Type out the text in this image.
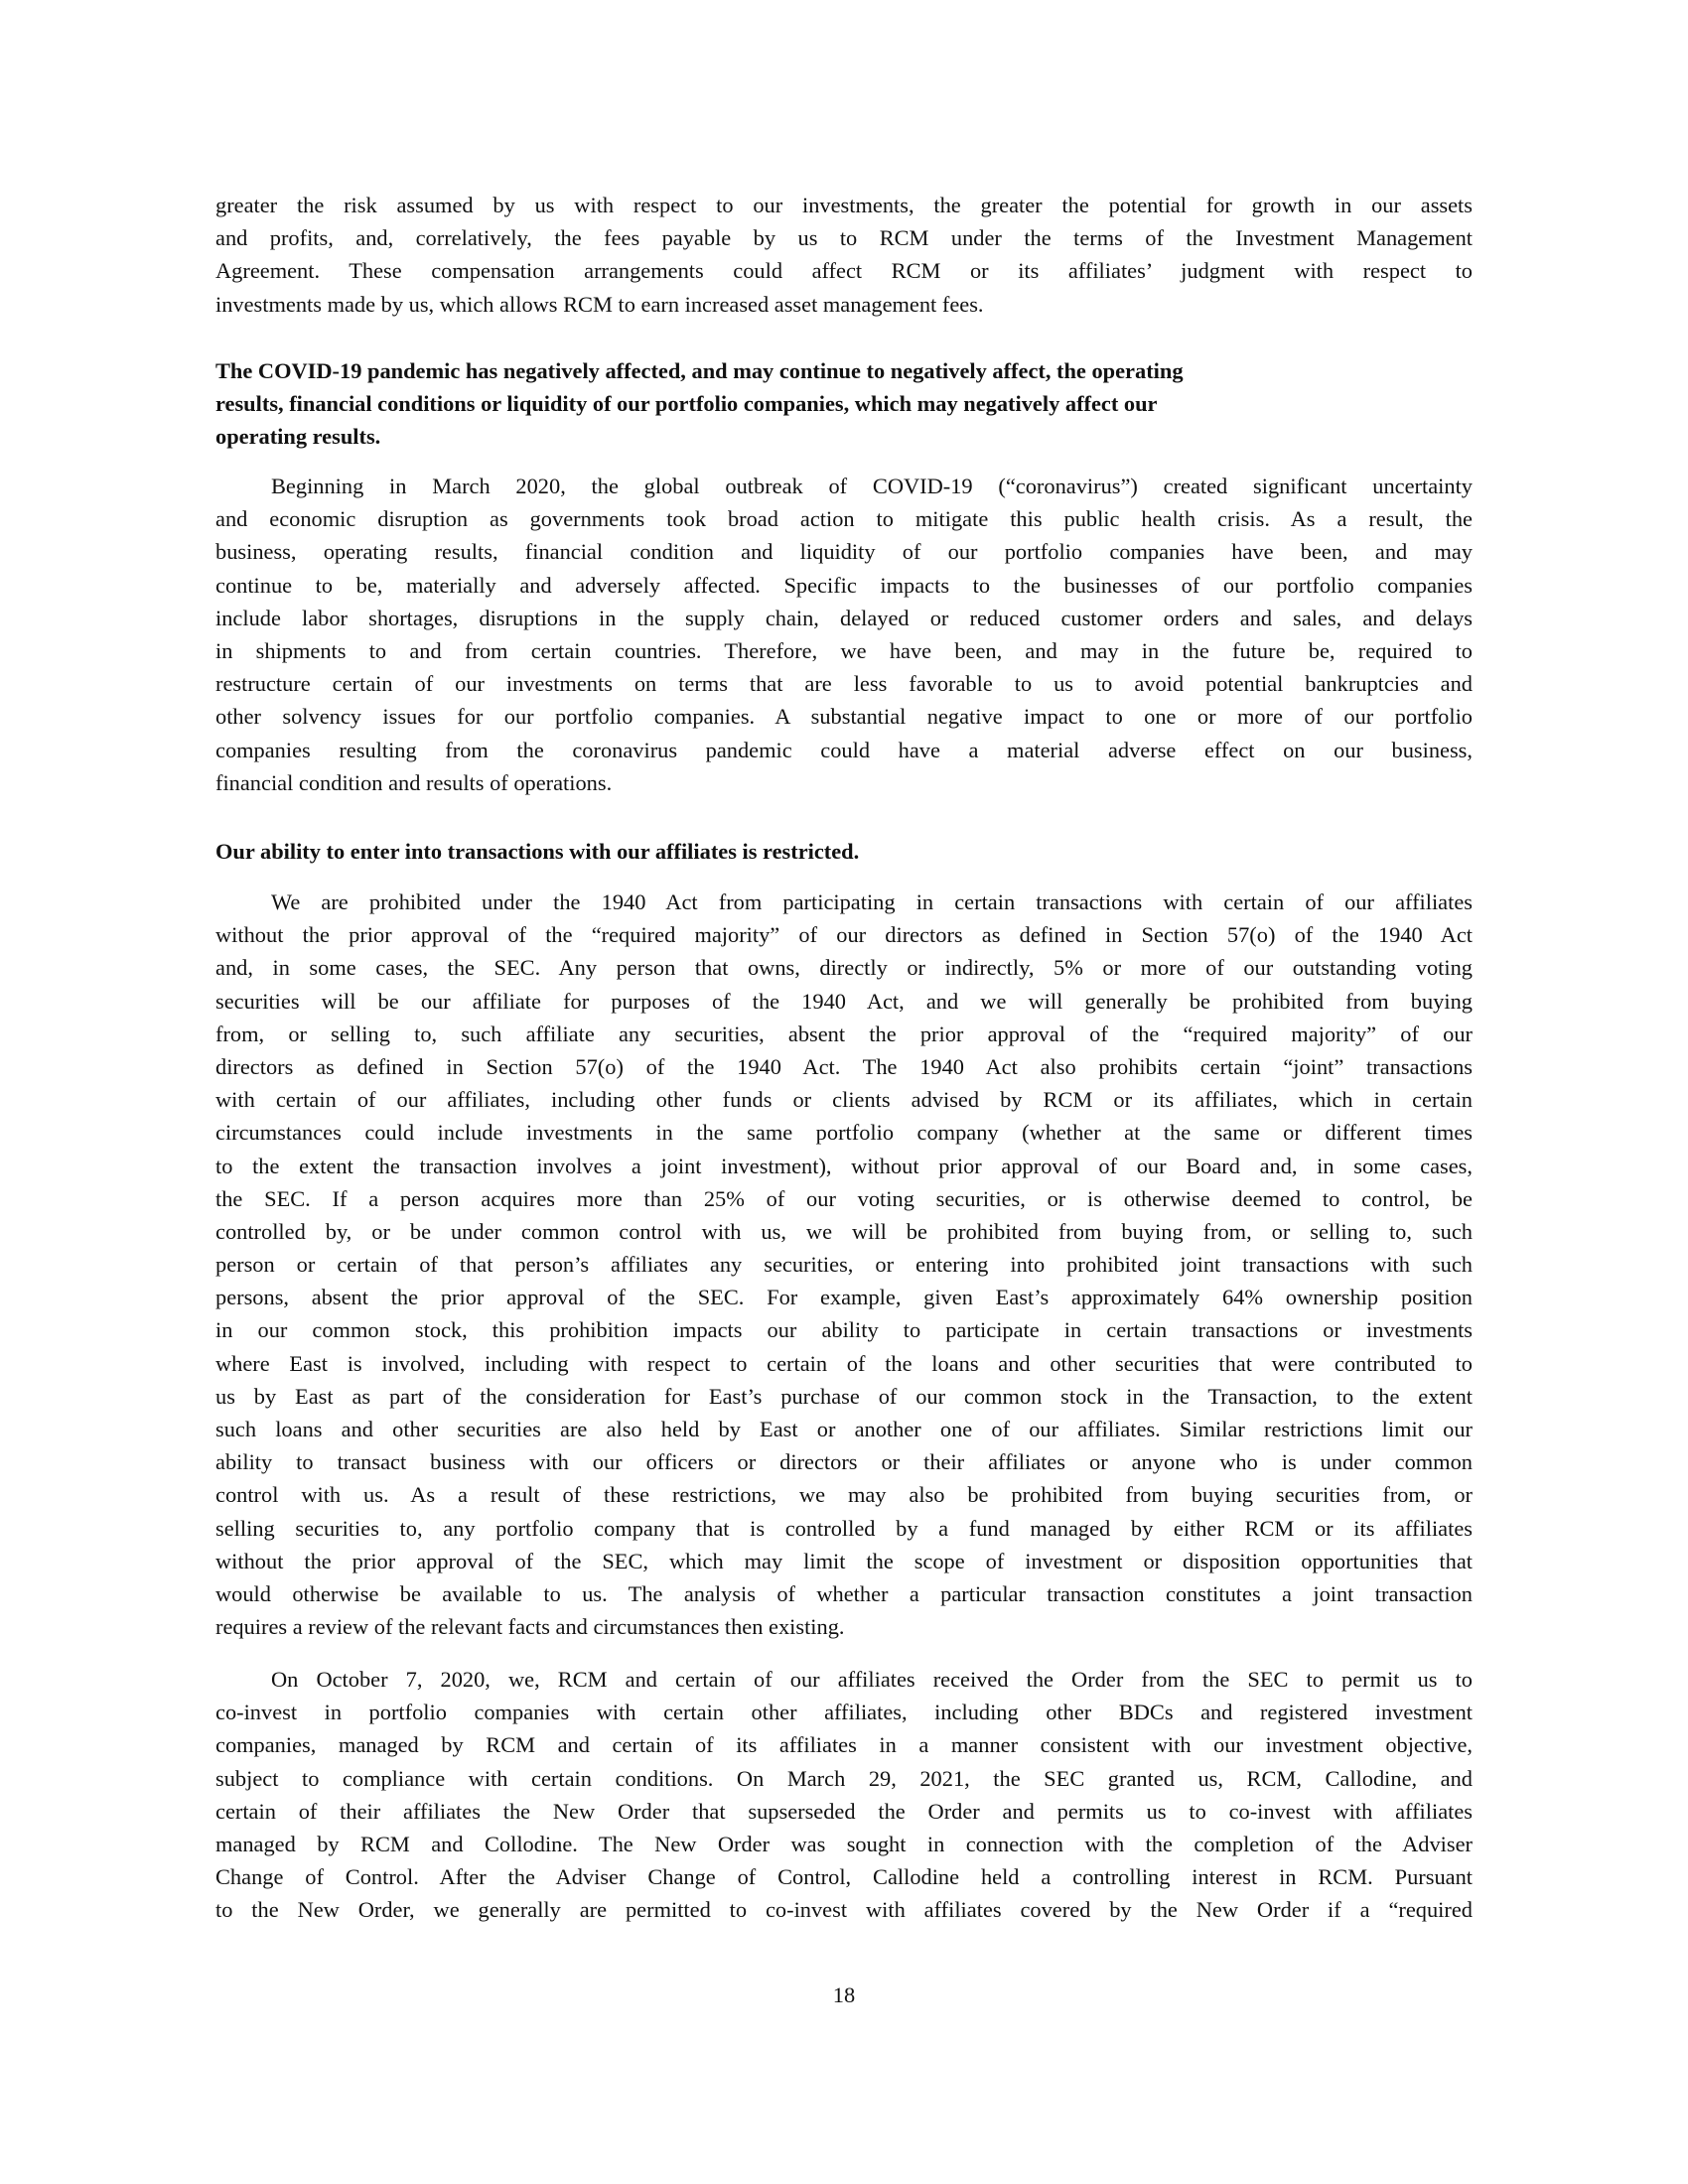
greater the risk assumed by us with respect to our investments, the greater the potential for growth in our assets
and profits, and, correlatively, the fees payable by us to RCM under the terms of the Investment Management
Agreement. These compensation arrangements could affect RCM or its affiliates’ judgment with respect to
investments made by us, which allows RCM to earn increased asset management fees.
The COVID-19 pandemic has negatively affected, and may continue to negatively affect, the operating
results, financial conditions or liquidity of our portfolio companies, which may negatively affect our
operating results.
Beginning in March 2020, the global outbreak of COVID-19 (“coronavirus”) created significant uncertainty
and economic disruption as governments took broad action to mitigate this public health crisis. As a result, the
business, operating results, financial condition and liquidity of our portfolio companies have been, and may
continue to be, materially and adversely affected. Specific impacts to the businesses of our portfolio companies
include labor shortages, disruptions in the supply chain, delayed or reduced customer orders and sales, and delays
in shipments to and from certain countries. Therefore, we have been, and may in the future be, required to
restructure certain of our investments on terms that are less favorable to us to avoid potential bankruptcies and
other solvency issues for our portfolio companies. A substantial negative impact to one or more of our portfolio
companies resulting from the coronavirus pandemic could have a material adverse effect on our business,
financial condition and results of operations.
Our ability to enter into transactions with our affiliates is restricted.
We are prohibited under the 1940 Act from participating in certain transactions with certain of our affiliates
without the prior approval of the “required majority” of our directors as defined in Section 57(o) of the 1940 Act
and, in some cases, the SEC. Any person that owns, directly or indirectly, 5% or more of our outstanding voting
securities will be our affiliate for purposes of the 1940 Act, and we will generally be prohibited from buying
from, or selling to, such affiliate any securities, absent the prior approval of the “required majority” of our
directors as defined in Section 57(o) of the 1940 Act. The 1940 Act also prohibits certain “joint” transactions
with certain of our affiliates, including other funds or clients advised by RCM or its affiliates, which in certain
circumstances could include investments in the same portfolio company (whether at the same or different times
to the extent the transaction involves a joint investment), without prior approval of our Board and, in some cases,
the SEC. If a person acquires more than 25% of our voting securities, or is otherwise deemed to control, be
controlled by, or be under common control with us, we will be prohibited from buying from, or selling to, such
person or certain of that person’s affiliates any securities, or entering into prohibited joint transactions with such
persons, absent the prior approval of the SEC. For example, given East’s approximately 64% ownership position
in our common stock, this prohibition impacts our ability to participate in certain transactions or investments
where East is involved, including with respect to certain of the loans and other securities that were contributed to
us by East as part of the consideration for East’s purchase of our common stock in the Transaction, to the extent
such loans and other securities are also held by East or another one of our affiliates. Similar restrictions limit our
ability to transact business with our officers or directors or their affiliates or anyone who is under common
control with us. As a result of these restrictions, we may also be prohibited from buying securities from, or
selling securities to, any portfolio company that is controlled by a fund managed by either RCM or its affiliates
without the prior approval of the SEC, which may limit the scope of investment or disposition opportunities that
would otherwise be available to us. The analysis of whether a particular transaction constitutes a joint transaction
requires a review of the relevant facts and circumstances then existing.
On October 7, 2020, we, RCM and certain of our affiliates received the Order from the SEC to permit us to
co-invest in portfolio companies with certain other affiliates, including other BDCs and registered investment
companies, managed by RCM and certain of its affiliates in a manner consistent with our investment objective,
subject to compliance with certain conditions. On March 29, 2021, the SEC granted us, RCM, Callodine, and
certain of their affiliates the New Order that supserseded the Order and permits us to co-invest with affiliates
managed by RCM and Collodine. The New Order was sought in connection with the completion of the Adviser
Change of Control. After the Adviser Change of Control, Callodine held a controlling interest in RCM. Pursuant
to the New Order, we generally are permitted to co-invest with affiliates covered by the New Order if a “required
18
